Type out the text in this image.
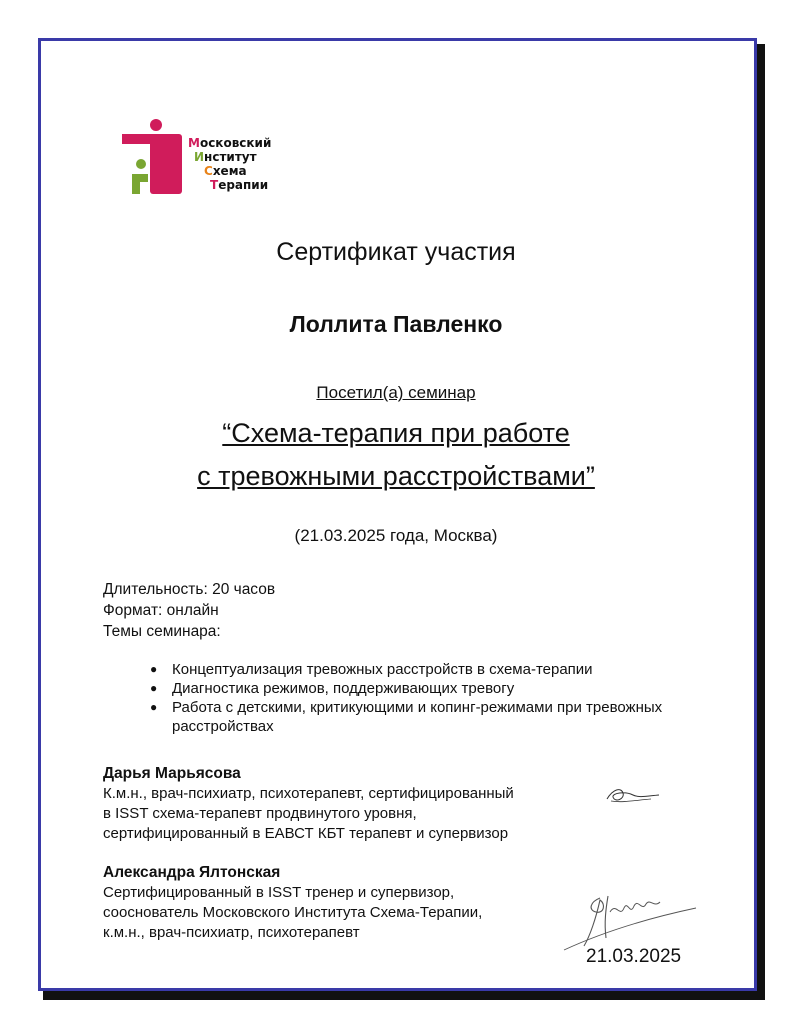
Московский
Институт
Схема
Терапии
Сертификат участия
Лоллита Павленко
Посетил(а) семинар
“Схема-терапия при работе
с тревожными расстройствами”
(21.03.2025 года, Москва)
Длительность: 20 часов
Формат: онлайн
Темы семинара:
● Концептуализация тревожных расстройств в схема-терапии
● Диагностика режимов, поддерживающих тревогу
● Работа с детскими, критикующими и копинг-режимами при тревожных расстройствах
Дарья Марьясова
К.м.н., врач-психиатр, психотерапевт, сертифицированный
в ISST схема-терапевт продвинутого уровня,
сертифицированный в ЕАВСТ КБТ терапевт и супервизор
Александра Ялтонская
Сертифицированный в ISST тренер и супервизор,
сооснователь Московского Института Схема-Терапии,
к.м.н., врач-психиатр, психотерапевт
21.03.2025
